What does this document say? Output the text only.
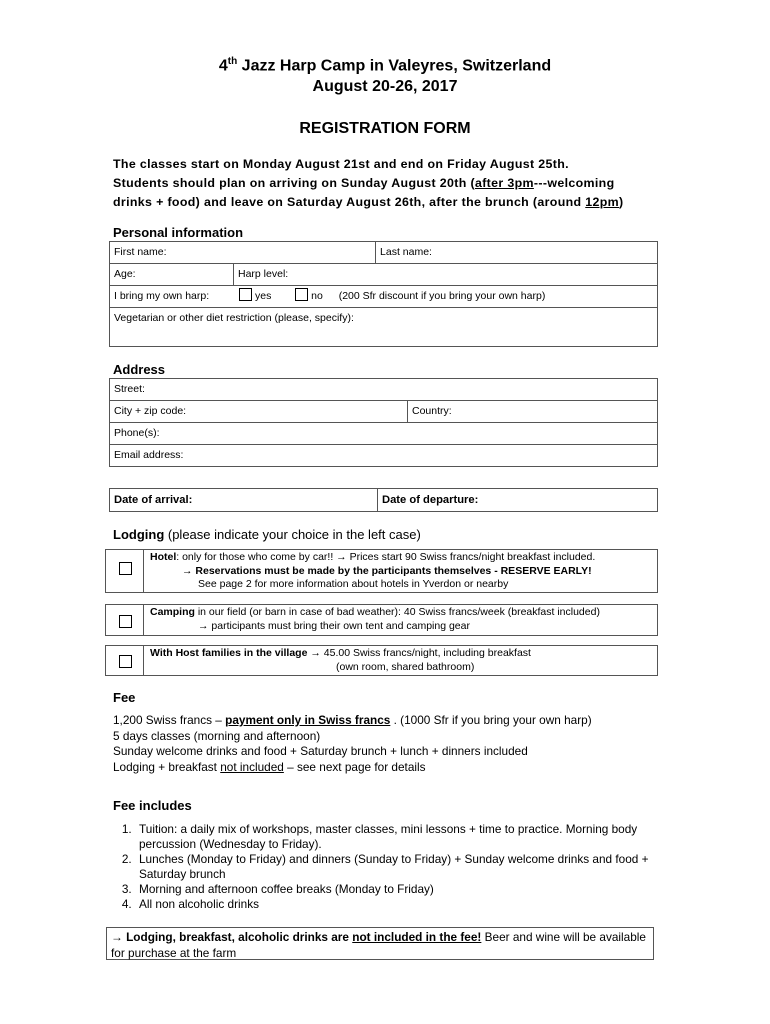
4th Jazz Harp Camp in Valeyres, Switzerland
August 20-26, 2017
REGISTRATION FORM
The classes start on Monday August 21st and end on Friday August 25th.
Students should plan on arriving on Sunday August 20th (after 3pm---welcoming
drinks + food) and leave on Saturday August 26th, after the brunch (around 12pm)
Personal information
First name:		Last name:
Age:	Harp level:	
I bring my own harp: yes no (200 Sfr discount if you bring your own harp)		
Vegetarian or other diet restriction (please, specify):		
Address
Street:
City + zip code:	Country:
Phone(s):
Email address:
Date of arrival:	Date of departure:
Lodging (please indicate your choice in the left case)
Hotel: only for those who come by car!! → Prices start 90 Swiss francs/night breakfast included.
→ Reservations must be made by the participants themselves - RESERVE EARLY!
See page 2 for more information about hotels in Yverdon or nearby
Camping in our field (or barn in case of bad weather): 40 Swiss francs/week (breakfast included)
→ participants must bring their own tent and camping gear
With Host families in the village → 45.00 Swiss francs/night, including breakfast
(own room, shared bathroom)
Fee
1,200 Swiss francs – payment only in Swiss francs . (1000 Sfr if you bring your own harp)
5 days classes (morning and afternoon)
Sunday welcome drinks and food + Saturday brunch + lunch + dinners included
Lodging + breakfast not included – see next page for details
Fee includes
1. Tuition: a daily mix of workshops, master classes, mini lessons + time to practice. Morning body percussion (Wednesday to Friday).
2. Lunches (Monday to Friday) and dinners (Sunday to Friday) + Sunday welcome drinks and food + Saturday brunch
3. Morning and afternoon coffee breaks (Monday to Friday)
4. All non alcoholic drinks
→ Lodging, breakfast, alcoholic drinks are not included in the fee! Beer and wine will be available for purchase at the farm
